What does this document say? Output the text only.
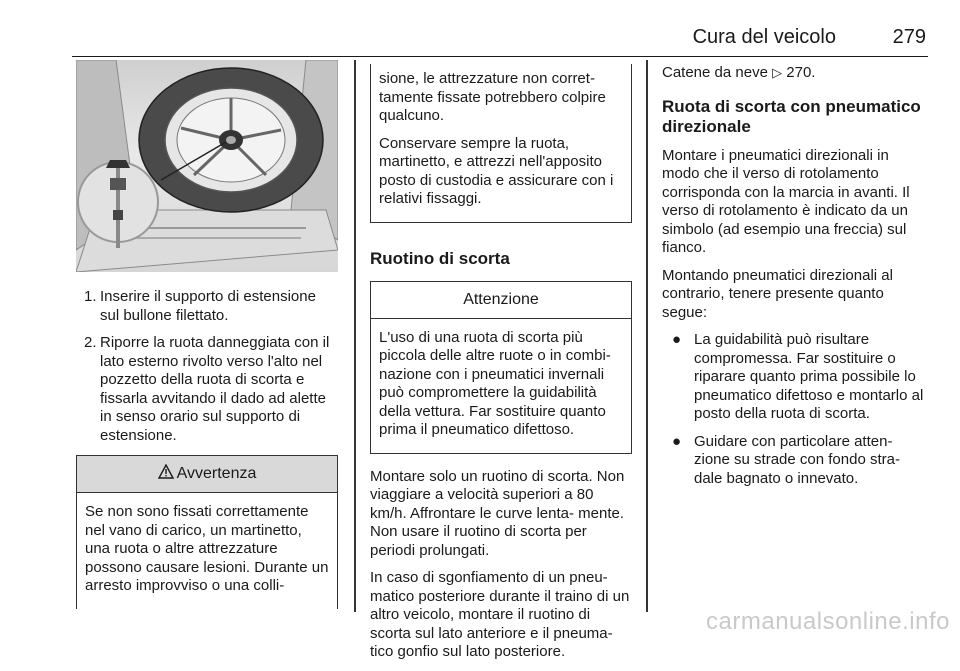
Cura del veicolo	279
1. Inserire il supporto di estensione sul bullone filettato.
2. Riporre la ruota danneggiata con il lato esterno rivolto verso l'alto nel pozzetto della ruota di scorta e fissarla avvitando il dado ad alette in senso orario sul supporto di estensione.
Avvertenza

Se non sono fissati correttamente nel vano di carico, un martinetto, una ruota o altre attrezzature possono causare lesioni. Durante un arresto improvviso o una colli-

sione, le attrezzature non corret- tamente fissate potrebbero colpire qualcuno.

Conservare sempre la ruota, martinetto, e attrezzi nell'apposito posto di custodia e assicurare con i relativi fissaggi.

Ruotino di scorta
Attenzione

L'uso di una ruota di scorta più piccola delle altre ruote o in combi- nazione con i pneumatici invernali può compromettere la guidabilità della vettura. Far sostituire quanto prima il pneumatico difettoso.

Montare solo un ruotino di scorta. Non viaggiare a velocità superiori a 80 km/h. Affrontare le curve lenta- mente. Non usare il ruotino di scorta per periodi prolungati.

In caso di sgonfiamento di un pneu- matico posteriore durante il traino di un altro veicolo, montare il ruotino di scorta sul lato anteriore e il pneuma- tico gonfio sul lato posteriore.

Catene da neve ▷ 270.

Ruota di scorta con pneumatico direzionale

Montare i pneumatici direzionali in modo che il verso di rotolamento corrisponda con la marcia in avanti. Il verso di rotolamento è indicato da un simbolo (ad esempio una freccia) sul fianco.

Montando pneumatici direzionali al contrario, tenere presente quanto segue:

● La guidabilità può risultare compromessa. Far sostituire o riparare quanto prima possibile lo pneumatico difettoso e montarlo al posto della ruota di scorta.
● Guidare con particolare atten- zione su strade con fondo stra- dale bagnato o innevato.
carmanualsonline.info
